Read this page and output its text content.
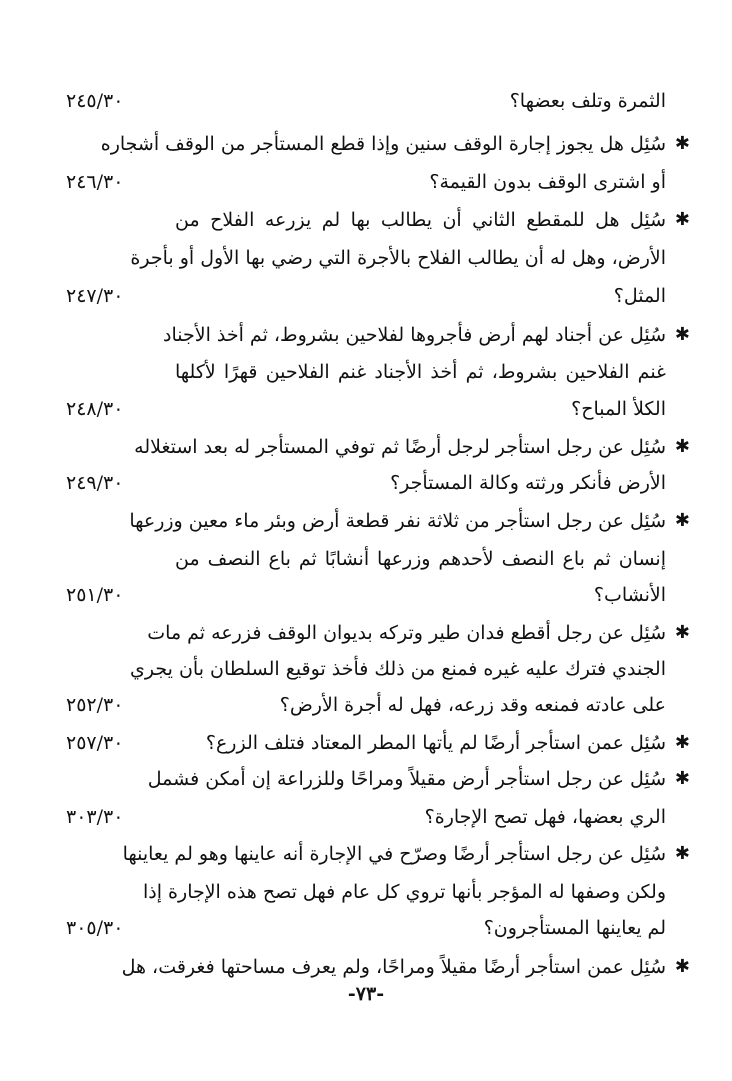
الثمرة وتلف بعضها؟
٢٤٥/٣٠
سُئِل هل يجوز إجارة الوقف سنين وإذا قطع المستأجر من الوقف أشجاره
أو اشترى الوقف بدون القيمة؟
✱
٢٤٦/٣٠
سُئِل هل للمقطع الثاني أن يطالب بها لم يزرعه الفلاح من
الأرض، وهل له أن يطالب الفلاح بالأجرة التي رضي بها الأول أو بأجرة
المثل؟
✱
٢٤٧/٣٠
سُئِل عن أجناد لهم أرض فأجروها لفلاحين بشروط، ثم أخذ الأجناد
غنم الفلاحين بشروط، ثم أخذ الأجناد غنم الفلاحين قهرًا لأكلها
الكلأ المباح؟
✱
٢٤٨/٣٠
سُئِل عن رجل استأجر لرجل أرضًا ثم توفي المستأجر له بعد استغلاله
الأرض فأنكر ورثته وكالة المستأجر؟
✱
٢٤٩/٣٠
سُئِل عن رجل استأجر من ثلاثة نفر قطعة أرض وبئر ماء معين وزرعها
إنسان ثم باع النصف لأحدهم وزرعها أنشابًا ثم باع النصف من
الأنشاب؟
✱
٢٥١/٣٠
سُئِل عن رجل أقطع فدان طير وتركه بديوان الوقف فزرعه ثم مات
الجندي فترك عليه غيره فمنع من ذلك فأخذ توقيع السلطان بأن يجري
على عادته فمنعه وقد زرعه، فهل له أجرة الأرض؟
✱
٢٥٢/٣٠
سُئِل عمن استأجر أرضًا لم يأتها المطر المعتاد فتلف الزرع؟ ✱
٢٥٧/٣٠
سُئِل عن رجل استأجر أرض مقيلاً ومراحًا وللزراعة إن أمكن فشمل
الري بعضها، فهل تصح الإجارة؟
✱
٣٠٣/٣٠
سُئِل عن رجل استأجر أرضًا وصرّح في الإجارة أنه عاينها وهو لم يعاينها
ولكن وصفها له المؤجر بأنها تروي كل عام فهل تصح هذه الإجارة إذا
لم يعاينها المستأجرون؟
✱
٣٠٥/٣٠
سُئِل عمن استأجر أرضًا مقيلاً ومراحًا، ولم يعرف مساحتها فغرقت، هل ✱
-٧٣-
